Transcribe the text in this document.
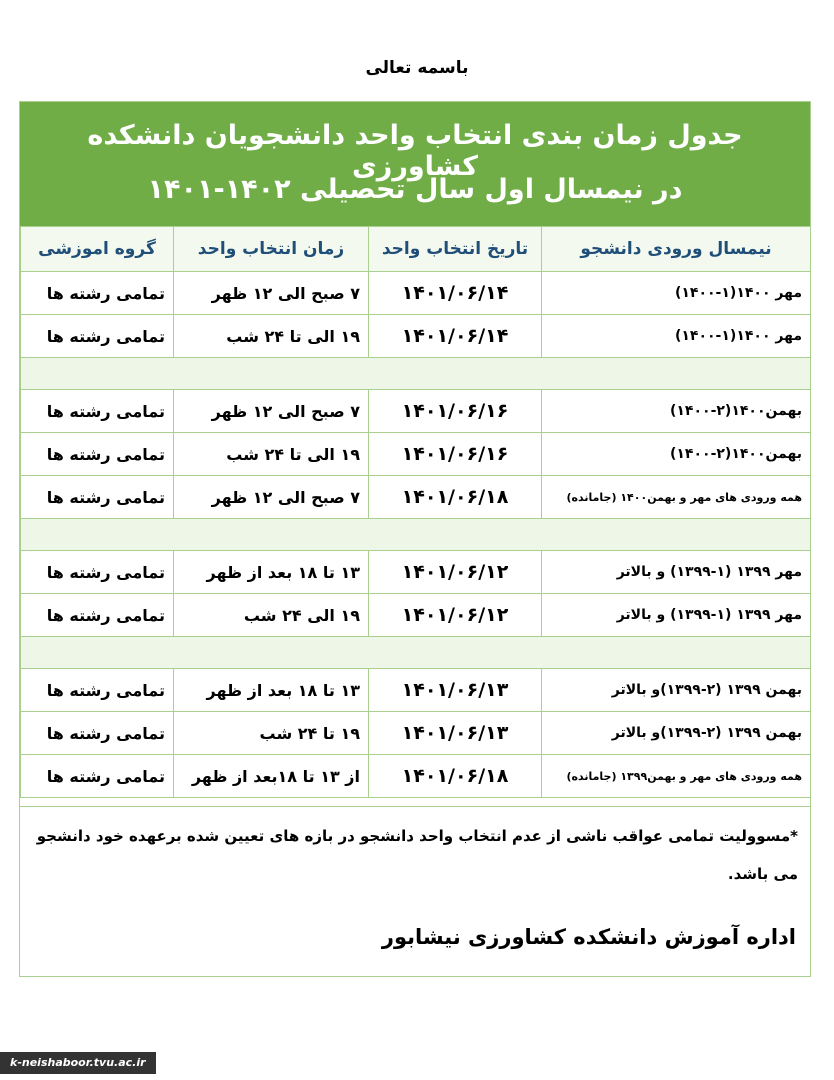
باسمه تعالی
جدول زمان بندی انتخاب واحد دانشجویان دانشکده کشاورزی
در نیمسال اول سال تحصیلی ۱۴۰۲-۱۴۰۱
نیمسال ورودی دانشجو	تاریخ انتخاب واحد	زمان انتخاب واحد	گروه اموزشی
مهر ۱۴۰۰(۱-۱۴۰۰)	۱۴۰۱/۰۶/۱۴	۷ صبح الی ۱۲ ظهر	تمامی رشته ها
مهر ۱۴۰۰(۱-۱۴۰۰)	۱۴۰۱/۰۶/۱۴	۱۹ الی تا ۲۴ شب	تمامی رشته ها

بهمن۱۴۰۰(۲-۱۴۰۰)	۱۴۰۱/۰۶/۱۶	۷ صبح الی ۱۲ ظهر	تمامی رشته ها
بهمن۱۴۰۰(۲-۱۴۰۰)	۱۴۰۱/۰۶/۱۶	۱۹ الی تا ۲۴ شب	تمامی رشته ها
همه ورودی های مهر و بهمن۱۴۰۰ (جامانده)	۱۴۰۱/۰۶/۱۸	۷ صبح الی ۱۲ ظهر	تمامی رشته ها

مهر ۱۳۹۹ (۱-۱۳۹۹) و بالاتر	۱۴۰۱/۰۶/۱۲	۱۳ تا ۱۸ بعد از ظهر	تمامی رشته ها
مهر ۱۳۹۹ (۱-۱۳۹۹) و بالاتر	۱۴۰۱/۰۶/۱۲	۱۹ الی ۲۴ شب	تمامی رشته ها

بهمن ۱۳۹۹ (۲-۱۳۹۹)و بالاتر	۱۴۰۱/۰۶/۱۳	۱۳ تا ۱۸ بعد از ظهر	تمامی رشته ها
بهمن ۱۳۹۹ (۲-۱۳۹۹)و بالاتر	۱۴۰۱/۰۶/۱۳	۱۹ تا ۲۴ شب	تمامی رشته ها
همه ورودی های مهر و بهمن۱۳۹۹ (جامانده)	۱۴۰۱/۰۶/۱۸	از ۱۳ تا ۱۸بعد از ظهر	تمامی رشته ها

*مسوولیت تمامی عواقب ناشی از عدم انتخاب واحد دانشجو در بازه های تعیین شده برعهده خود دانشجو می باشد.

اداره آموزش دانشکده کشاورزی نیشابور
k-neishaboor.tvu.ac.ir
